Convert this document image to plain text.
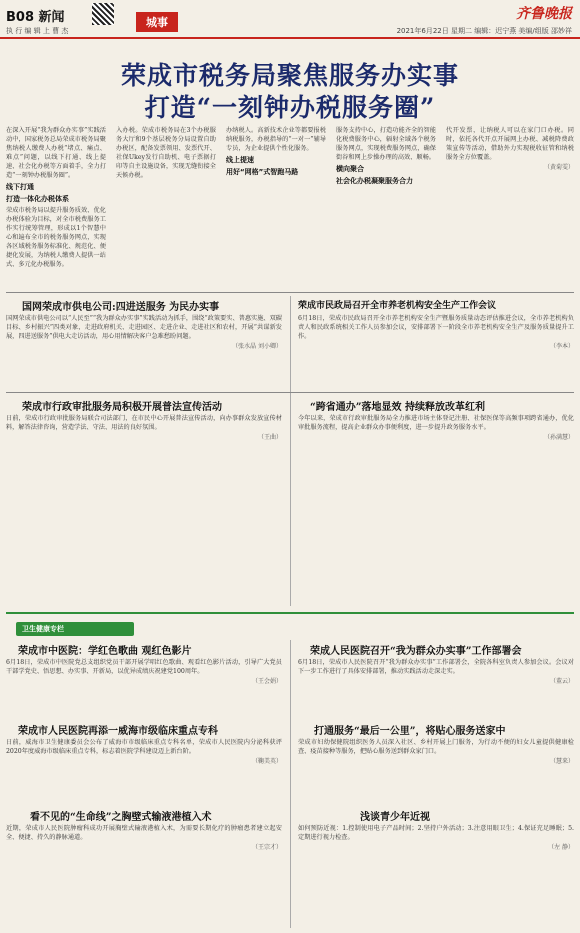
B08 新闻	城事
齐鲁晚报
执 行 编 辑 上 曹 杰	2021年6月22日 星期二 编辑：迟宁燕 美编/组版 邵妙祥
荣成市税务局聚焦服务办实事
打造“一刻钟办税服务圈”
在深入开展“我为群众办实事”实践活动中，国家税务总局荣成市税务局聚焦纳税人缴费人办税“堵点、痛点、难点”问题，以线下打通、线上提速、社会化办税等方面着手，全力打造“一刻钟办税服务圈”。
线下打通
打造一体化办税体系
荣成市税务局以提升服务质效、优化办税体验为目标，对全市税费服务工作实行统筹管理，形成以1个智慧中心和遍布全市的税务服务网点，实现各区域税务服务标准化、规范化、便捷化发展，为纳税人缴费人提供一站式、多元化办税服务。
入办税。荣成市税务局在3个办税服务大厅和9个基层税务分局设置自助办税区，配备发票领用、发票代开、社保Ukey发行自助机、电子票据打印等自主设施设备，实现无缝衔接全天候办税。
办纳税人。高新技术企业等都要报税纳税服务，办税指导的“一对一”辅导专员，为企业提供个性化服务。
线上提速
用好“网格”式智跑马路
服务支持中心，打造功能齐全的智能化税费服务中心，辐射全域各个税务服务网点，实现税费服务网点，确保街谷和网上步操办理的高效、顺畅。
横向聚合
社会化办税凝聚服务合力
代开发票，让纳税人可以在家门口办税。同时，依托各代开点开展网上办税、减税降费政策宣传等活动，借助外力实现税收征管和纳税服务全方位覆盖。
（黄菊雯）
国网荣成市供电公司:四进送服务 为民办实事
国网荣成市供电公司以“人民至”“我为群众办实事”实践活动为抓手，围绕“政策要实、普惠实施、双碳目标、乡村振兴”四类对象，走进政府机关、走进园区、走进企业、走进社区和农村，开展“共谋新发展，四进送服务”供电大走访活动，用心用情解决客户急难愁盼问题。
（张水晶 刘小卿）
荣成市民政局召开全市养老机构安全生产工作会议
6月18日，荣成市民政局召开全市养老机构安全生产暨服务质量动态评估推进会议，全市养老机构负责人和民政系统相关工作人员参加会议，安排部署下一阶段全市养老机构安全生产及服务质量提升工作。
（李本）
荣成市行政审批服务局积极开展普法宣传活动
日前，荣成市行政审批服务局联合司法部门，在市民中心开展普法宣传活动，向办事群众发放宣传材料，解答法律咨询，营造学法、守法、用法的良好氛围。
（王曲）
“跨省通办”落地显效 持续释放改革红利
今年以来，荣成市行政审批服务局全力推进市场主体登记注册、社保医保等高频事项跨省通办，优化审批服务流程，提高企业群众办事便利度，进一步提升政务服务水平。
（孙满慧）
卫生健康专栏
荣成市中医院：学红色歌曲 观红色影片
6月18日，荣成市中医院党总支组织党员干部开展学唱红色歌曲、观看红色影片活动，引导广大党员干部学党史、悟思想、办实事、开新局，以优异成绩庆祝建党100周年。
（王会娟）
荣成市人民医院再添一威海市级临床重点专科
日前，威海市卫生健康委员会公布了威海市市级临床重点专科名单，荣成市人民医院内分泌科获评2020年度威海市级临床重点专科，标志着医院学科建设迈上新台阶。
（鞠美英）
看不见的“生命线”之胸壁式输液港植入术
近期，荣成市人民医院肿瘤科成功开展胸壁式输液港植入术，为需要长期化疗的肿瘤患者建立起安全、便捷、持久的静脉通道。
（王宗才）
荣成人民医院召开“我为群众办实事”工作部署会
6月18日，荣成市人民医院召开“我为群众办实事”工作部署会，全院各科室负责人参加会议。会议对下一步工作进行了具体安排部署，推动实践活动走深走实。
（董云）
打通服务“最后一公里”，将贴心服务送家中
荣成市妇幼保健院组织医务人员深入社区、乡村开展上门服务，为行动不便的妇女儿童提供健康检查、疫苗接种等服务，把贴心服务送到群众家门口。
（慧来）
浅谈青少年近视
如何预防近视：1.控制使用电子产品时间；2.坚持户外活动；3.注意用眼卫生；4.保证充足睡眠；5.定期进行视力检查。
（左 静）
